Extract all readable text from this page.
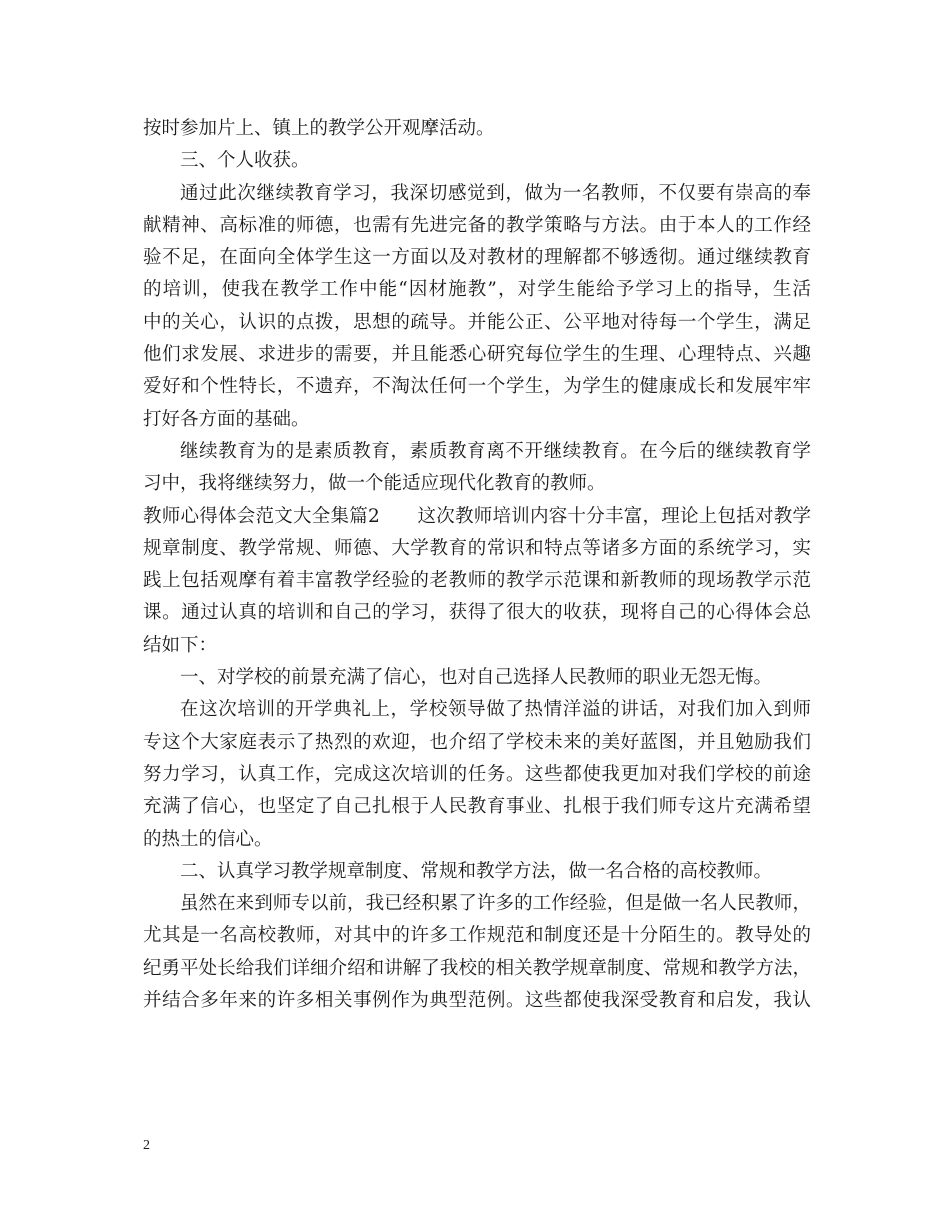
按时参加片上、镇上的教学公开观摩活动。
三、个人收获。
通过此次继续教育学习，我深切感觉到，做为一名教师，不仅要有崇高的奉
献精神、高标准的师德，也需有先进完备的教学策略与方法。由于本人的工作经
验不足，在面向全体学生这一方面以及对教材的理解都不够透彻。通过继续教育
的培训，使我在教学工作中能“因材施教”，对学生能给予学习上的指导，生活
中的关心，认识的点拨，思想的疏导。并能公正、公平地对待每一个学生，满足
他们求发展、求进步的需要，并且能悉心研究每位学生的生理、心理特点、兴趣
爱好和个性特长，不遗弃，不淘汰任何一个学生，为学生的健康成长和发展牢牢
打好各方面的基础。
继续教育为的是素质教育，素质教育离不开继续教育。在今后的继续教育学
习中，我将继续努力，做一个能适应现代化教育的教师。
教师心得体会范文大全集篇2　　这次教师培训内容十分丰富，理论上包括对教学
规章制度、教学常规、师德、大学教育的常识和特点等诸多方面的系统学习，实
践上包括观摩有着丰富教学经验的老教师的教学示范课和新教师的现场教学示范
课。通过认真的培训和自己的学习，获得了很大的收获，现将自己的心得体会总
结如下：
一、对学校的前景充满了信心，也对自己选择人民教师的职业无怨无悔。
在这次培训的开学典礼上，学校领导做了热情洋溢的讲话，对我们加入到师
专这个大家庭表示了热烈的欢迎，也介绍了学校未来的美好蓝图，并且勉励我们
努力学习，认真工作，完成这次培训的任务。这些都使我更加对我们学校的前途
充满了信心，也坚定了自己扎根于人民教育事业、扎根于我们师专这片充满希望
的热土的信心。
二、认真学习教学规章制度、常规和教学方法，做一名合格的高校教师。
虽然在来到师专以前，我已经积累了许多的工作经验，但是做一名人民教师，
尤其是一名高校教师，对其中的许多工作规范和制度还是十分陌生的。教导处的
纪勇平处长给我们详细介绍和讲解了我校的相关教学规章制度、常规和教学方法，
并结合多年来的许多相关事例作为典型范例。这些都使我深受教育和启发，我认
2
